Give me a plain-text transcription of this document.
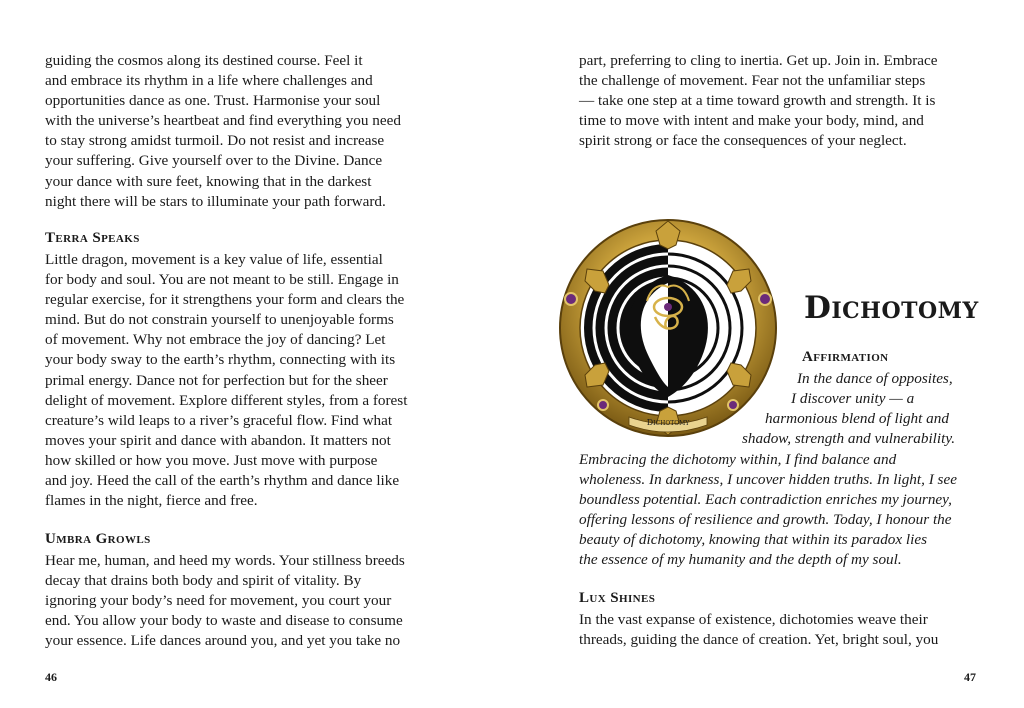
guiding the cosmos along its destined course. Feel it
and embrace its rhythm in a life where challenges and
opportunities dance as one. Trust. Harmonise your soul
with the universe’s heartbeat and find everything you need
to stay strong amidst turmoil. Do not resist and increase
your suffering. Give yourself over to the Divine. Dance
your dance with sure feet, knowing that in the darkest
night there will be stars to illuminate your path forward.
Terra Speaks
Little dragon, movement is a key value of life, essential
for body and soul. You are not meant to be still. Engage in
regular exercise, for it strengthens your form and clears the
mind. But do not constrain yourself to unenjoyable forms
of movement. Why not embrace the joy of dancing? Let
your body sway to the earth’s rhythm, connecting with its
primal energy. Dance not for perfection but for the sheer
delight of movement. Explore different styles, from a forest
creature’s wild leaps to a river’s graceful flow. Find what
moves your spirit and dance with abandon. It matters not
how skilled or how you move. Just move with purpose
and joy. Heed the call of the earth’s rhythm and dance like
flames in the night, fierce and free.
Umbra Growls
Hear me, human, and heed my words. Your stillness breeds
decay that drains both body and spirit of vitality. By
ignoring your body’s need for movement, you court your
end. You allow your body to waste and disease to consume
your essence. Life dances around you, and yet you take no
46
part, preferring to cling to inertia. Get up. Join in. Embrace
the challenge of movement. Fear not the unfamiliar steps
— take one step at a time toward growth and strength. It is
time to move with intent and make your body, mind, and
spirit strong or face the consequences of your neglect.
Dichotomy
Dichotomy
Affirmation
In the dance of opposites,
I discover unity — a
harmonious blend of light and
shadow, strength and vulnerability.
Embracing the dichotomy within, I find balance and
wholeness. In darkness, I uncover hidden truths. In light, I see
boundless potential. Each contradiction enriches my journey,
offering lessons of resilience and growth. Today, I honour the
beauty of dichotomy, knowing that within its paradox lies
the essence of my humanity and the depth of my soul.
Lux Shines
In the vast expanse of existence, dichotomies weave their
threads, guiding the dance of creation. Yet, bright soul, you
47
